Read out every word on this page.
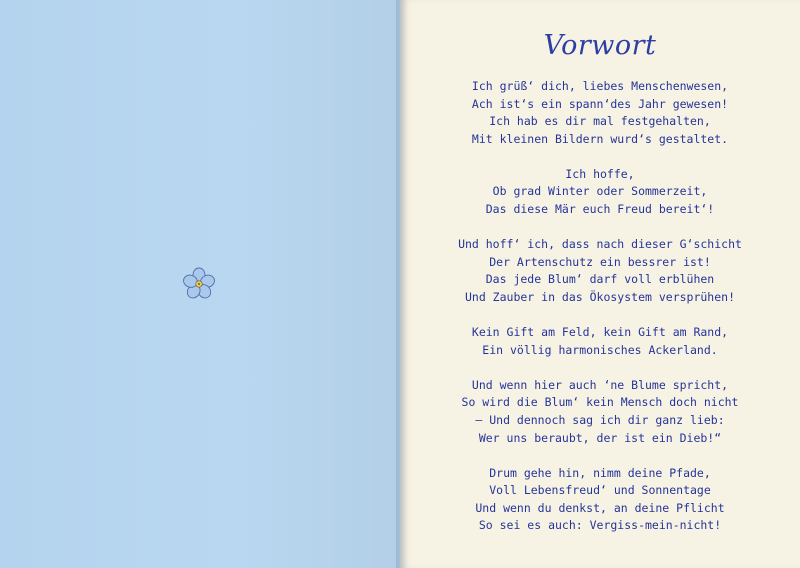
Vorwort
Ich grüß‘ dich, liebes Menschenwesen,
Ach ist‘s ein spann‘des Jahr gewesen!
Ich hab es dir mal festgehalten,
Mit kleinen Bildern wurd‘s gestaltet.
Ich hoffe,
Ob grad Winter oder Sommerzeit,
Das diese Mär euch Freud bereit‘!
Und hoff‘ ich, dass nach dieser G‘schicht
Der Artenschutz ein bessrer ist!
Das jede Blum‘ darf voll erblühen
Und Zauber in das Ökosystem versprühen!
Kein Gift am Feld, kein Gift am Rand,
Ein völlig harmonisches Ackerland.
Und wenn hier auch ‘ne Blume spricht,
So wird die Blum‘ kein Mensch doch nicht
– Und dennoch sag ich dir ganz lieb:
Wer uns beraubt, der ist ein Dieb!“
Drum gehe hin, nimm deine Pfade,
Voll Lebensfreud‘ und Sonnentage
Und wenn du denkst, an deine Pflicht
So sei es auch: Vergiss-mein-nicht!
